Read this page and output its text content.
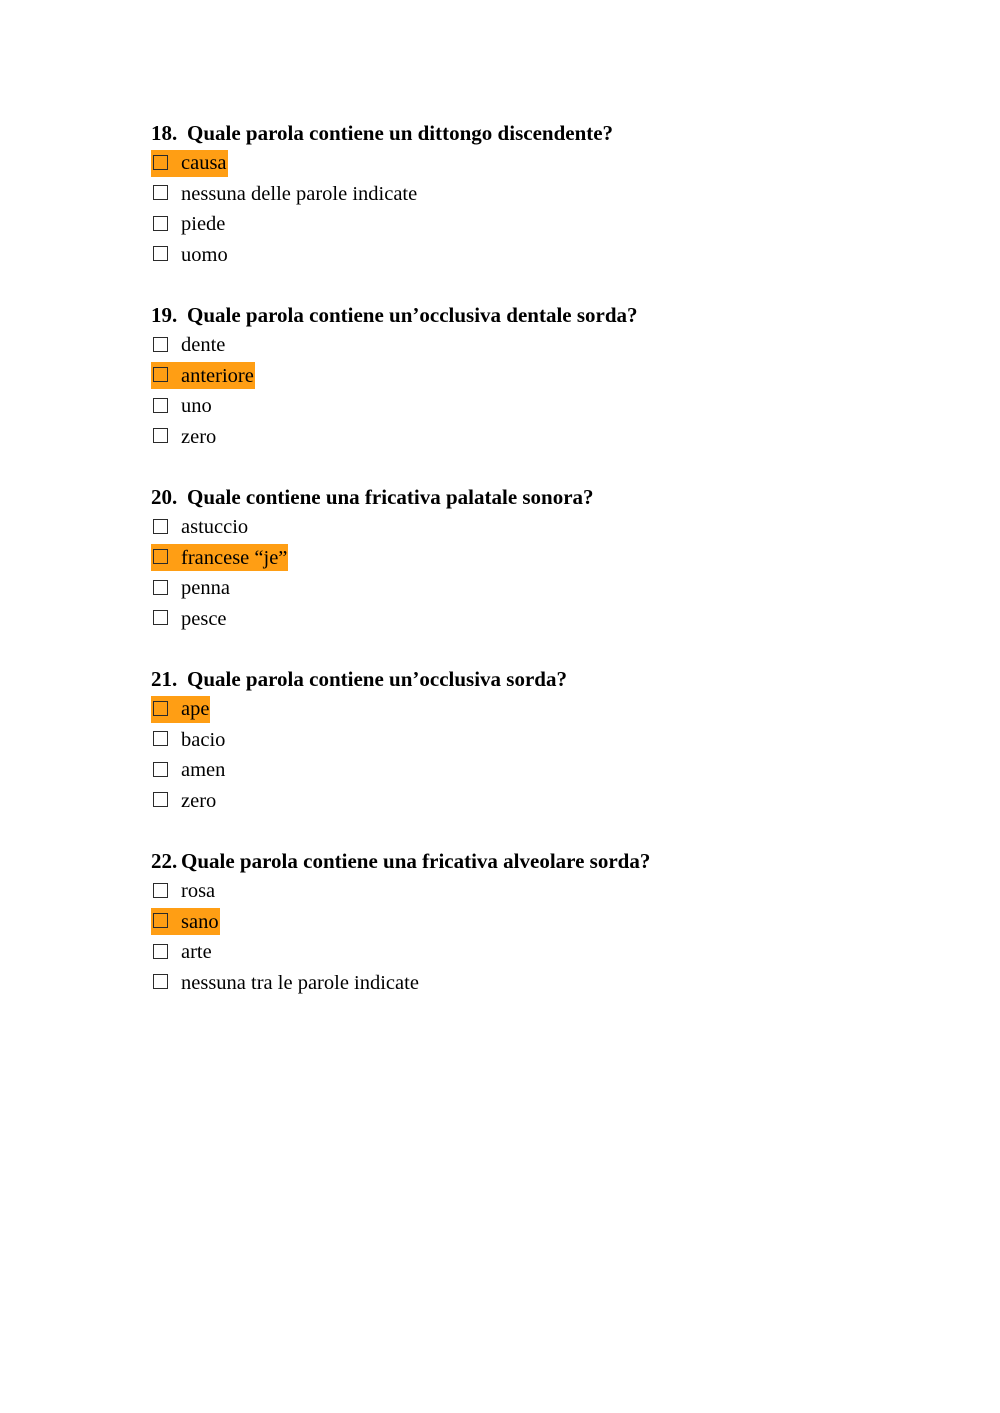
18. Quale parola contiene un dittongo discendente?
causa
nessuna delle parole indicate
piede
uomo
19. Quale parola contiene un’occlusiva dentale sorda?
dente
anteriore
uno
zero
20. Quale contiene una fricativa palatale sonora?
astuccio
francese “je”
penna
pesce
21. Quale parola contiene un’occlusiva sorda?
ape
bacio
amen
zero
22. Quale parola contiene una fricativa alveolare sorda?
rosa
sano
arte
nessuna tra le parole indicate
